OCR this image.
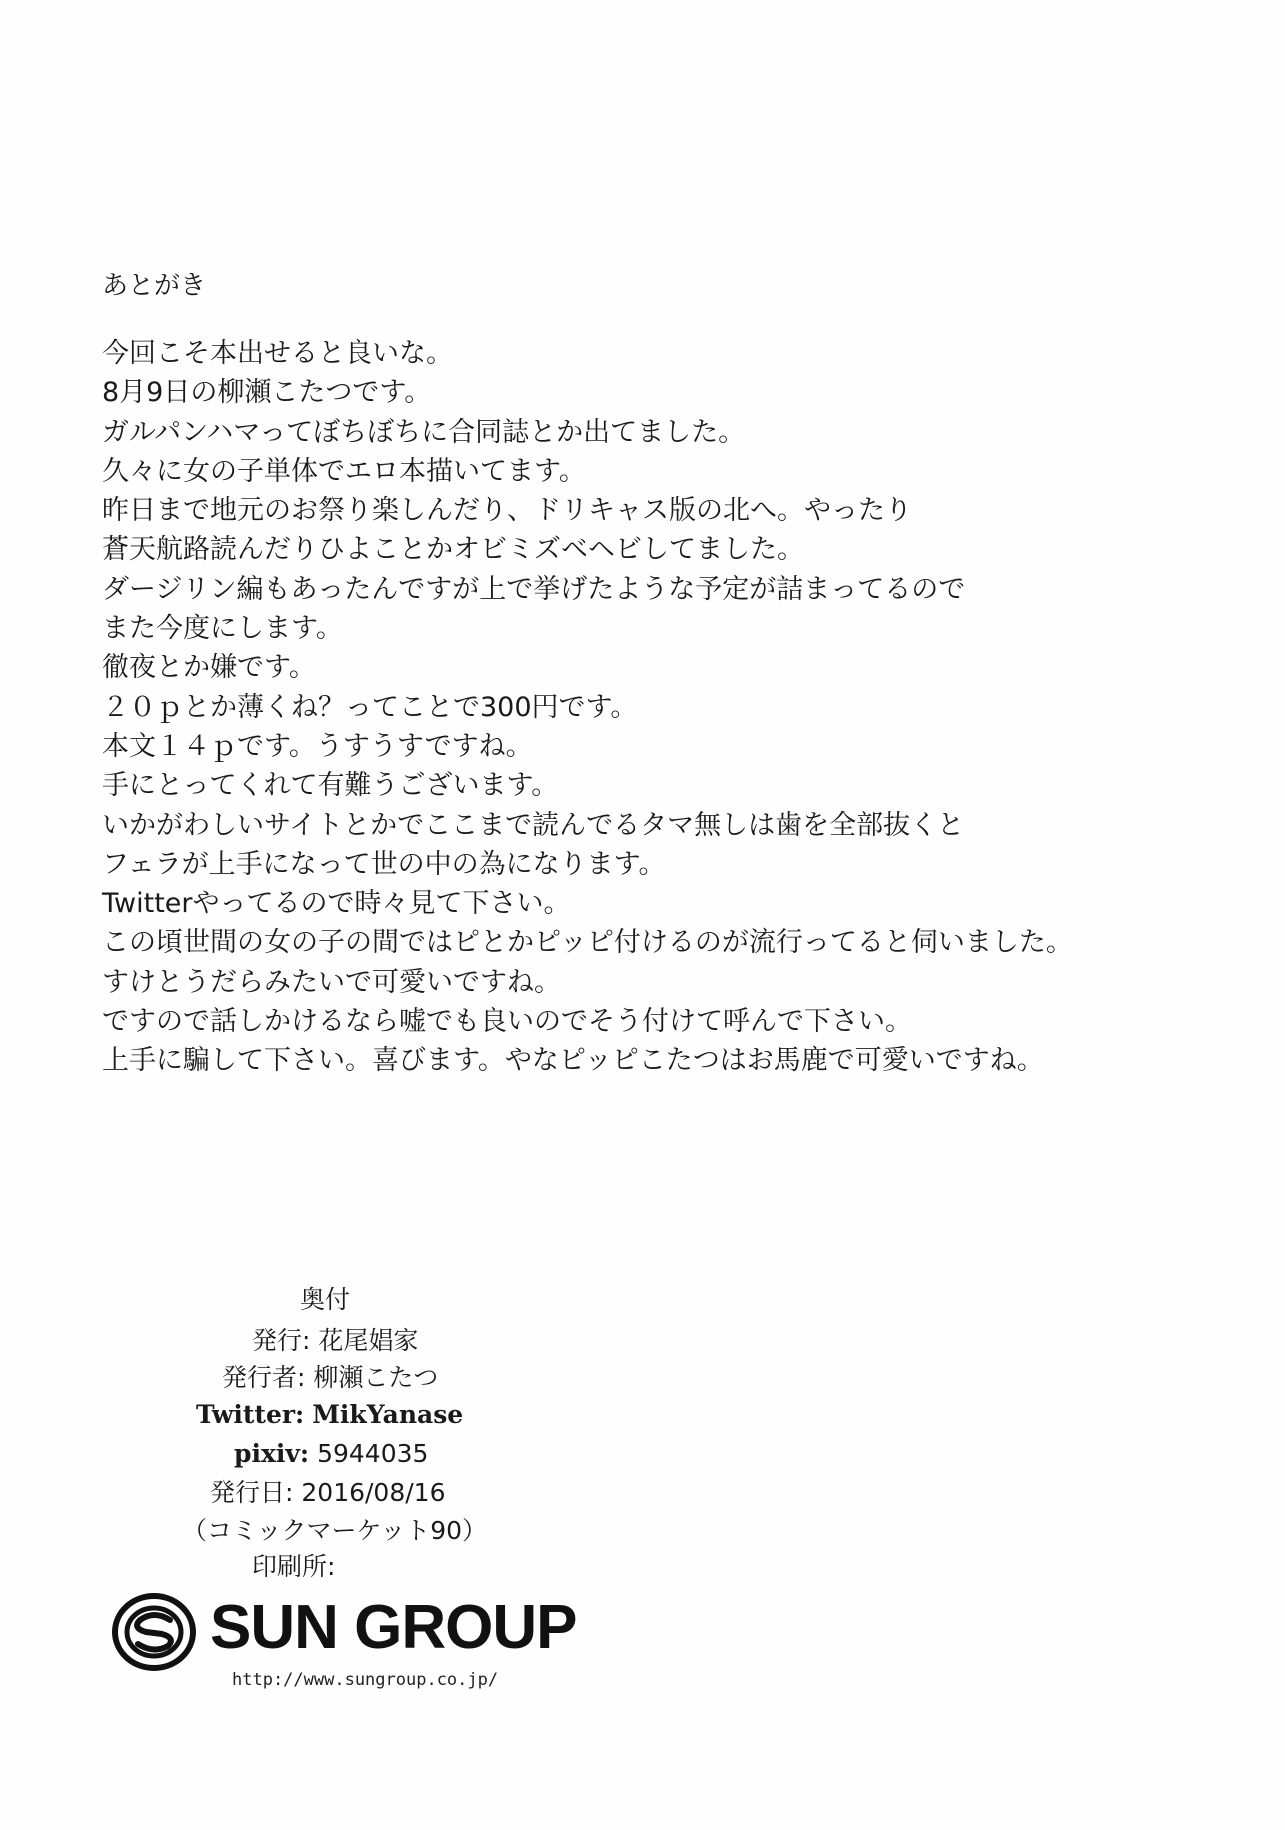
あとがき
今回こそ本出せると良いな。
8月9日の柳瀬こたつです。
ガルパンハマってぼちぼちに合同誌とか出てました。
久々に女の子単体でエロ本描いてます。
昨日まで地元のお祭り楽しんだり、ドリキャス版の北へ。やったり
蒼天航路読んだりひよことかオビミズベヘビしてました。
ダージリン編もあったんですが上で挙げたような予定が詰まってるので
また今度にします。
徹夜とか嫌です。
２０ｐとか薄くね？ってことで300円です。
本文１４ｐです。うすうすですね。
手にとってくれて有難うございます。
いかがわしいサイトとかでここまで読んでるタマ無しは歯を全部抜くと
フェラが上手になって世の中の為になります。
Twitterやってるので時々見て下さい。
この頃世間の女の子の間ではピとかピッピ付けるのが流行ってると伺いました。
すけとうだらみたいで可愛いですね。
ですので話しかけるなら嘘でも良いのでそう付けて呼んで下さい。
上手に騙して下さい。喜びます。やなピッピこたつはお馬鹿で可愛いですね。
奥付
発行: 花尾娼家
発行者: 柳瀬こたつ
Twitter: MikYanase
pixiv: 5944035
発行日: 2016/08/16
（コミックマーケット90）
印刷所:
SUN GROUP
http://www.sungroup.co.jp/
